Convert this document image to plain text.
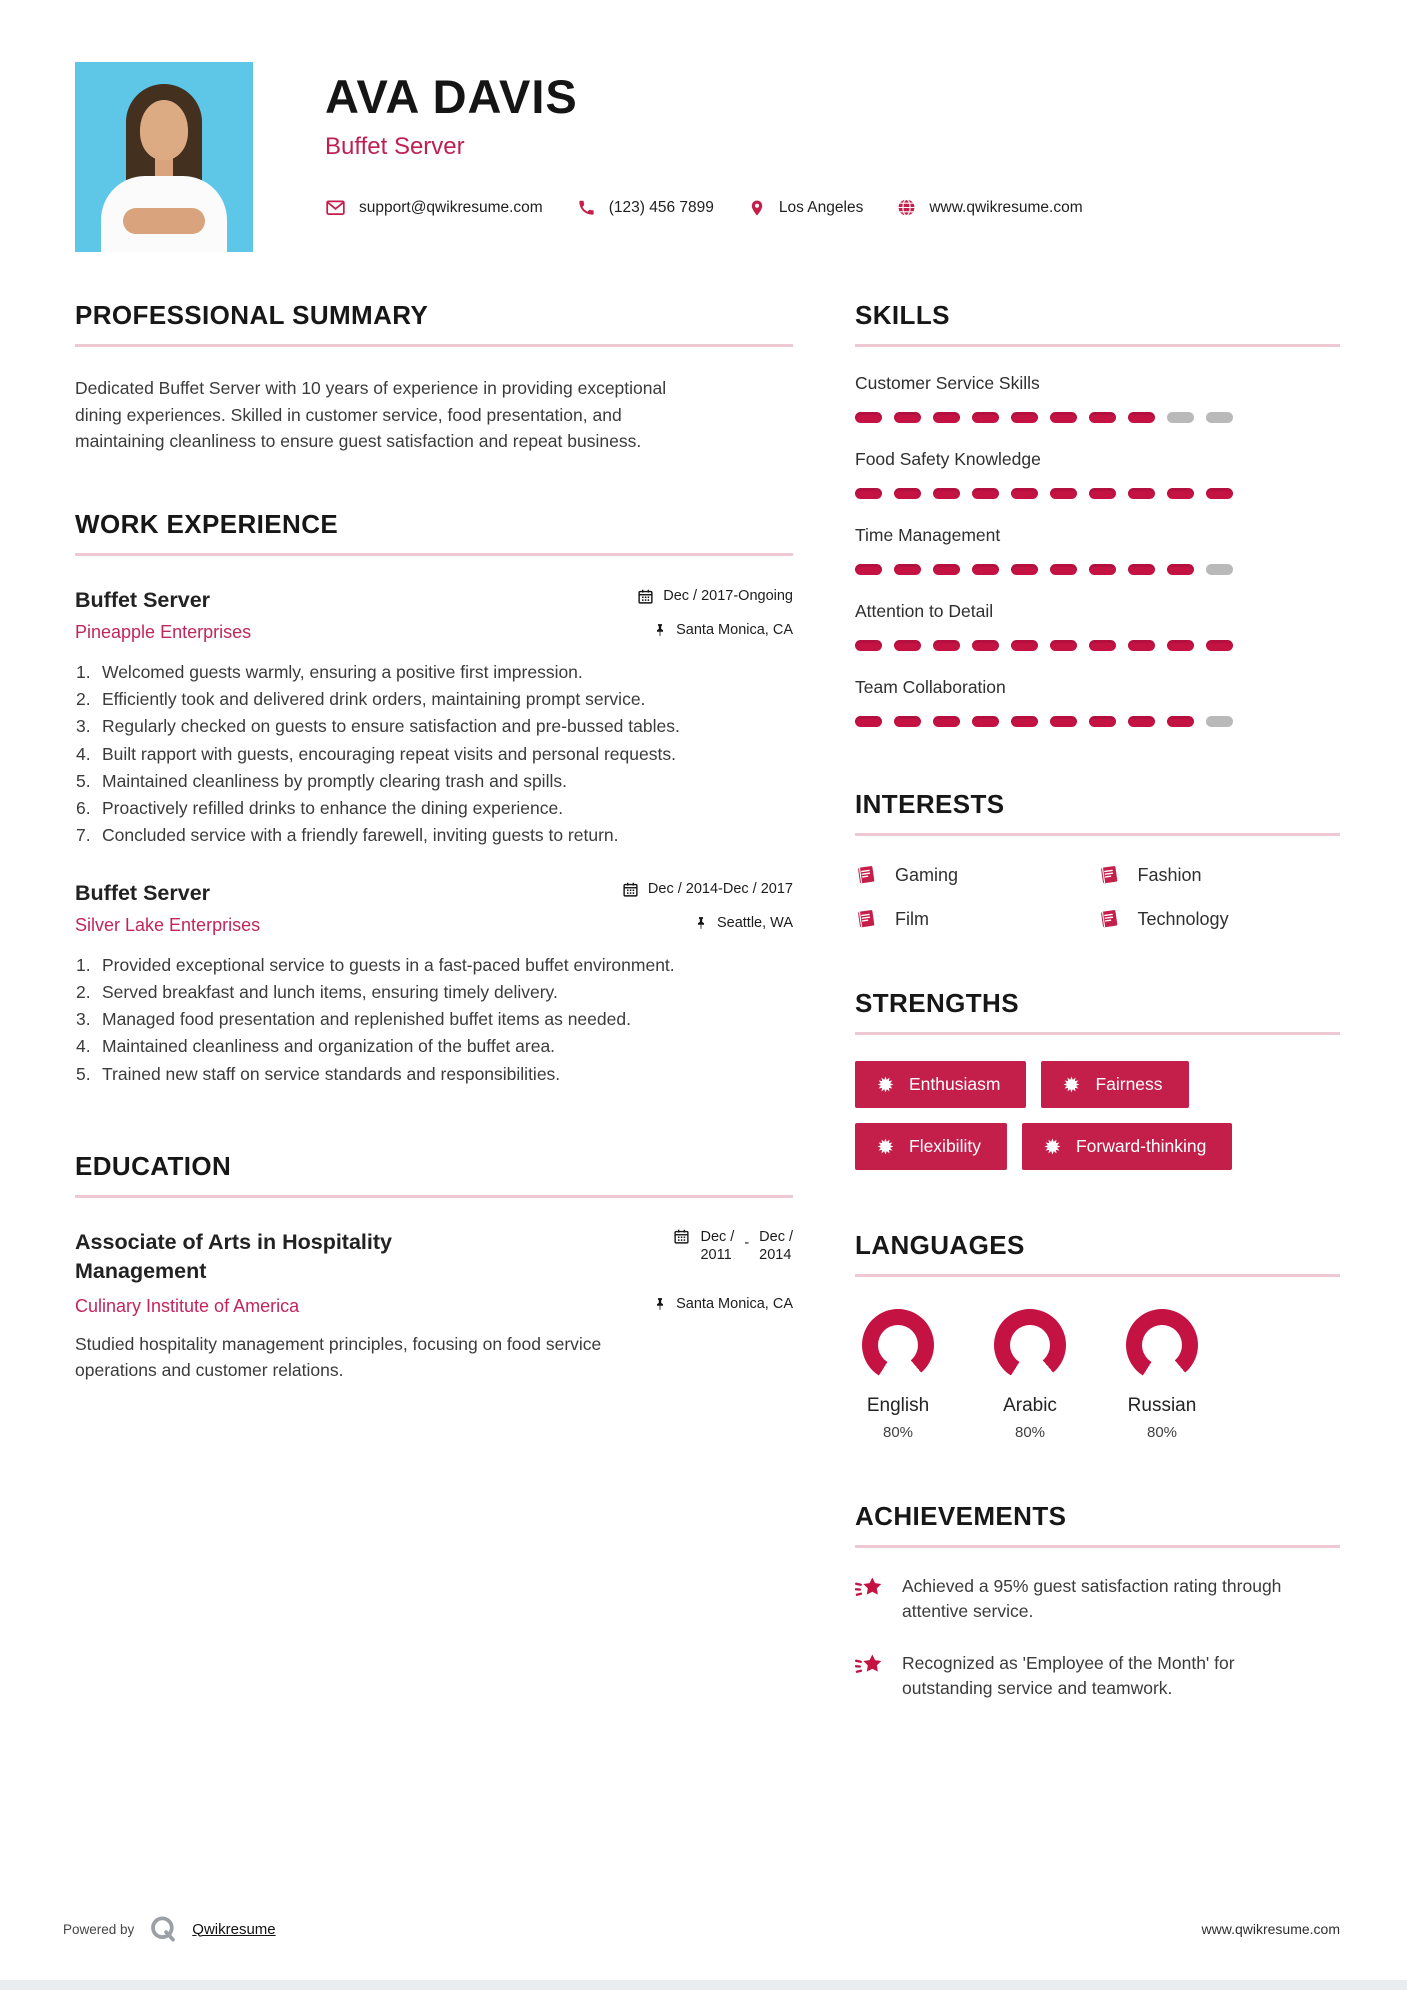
AVA DAVIS
Buffet Server
support@qwikresume.com	(123) 456 7899	Los Angeles	www.qwikresume.com
PROFESSIONAL SUMMARY
Dedicated Buffet Server with 10 years of experience in providing exceptional dining experiences. Skilled in customer service, food presentation, and maintaining cleanliness to ensure guest satisfaction and repeat business.
WORK EXPERIENCE
Buffet Server	Dec / 2017-Ongoing
Pineapple Enterprises	Santa Monica, CA
Welcomed guests warmly, ensuring a positive first impression.
Efficiently took and delivered drink orders, maintaining prompt service.
Regularly checked on guests to ensure satisfaction and pre-bussed tables.
Built rapport with guests, encouraging repeat visits and personal requests.
Maintained cleanliness by promptly clearing trash and spills.
Proactively refilled drinks to enhance the dining experience.
Concluded service with a friendly farewell, inviting guests to return.
Buffet Server	Dec / 2014-Dec / 2017
Silver Lake Enterprises	Seattle, WA
Provided exceptional service to guests in a fast-paced buffet environment.
Served breakfast and lunch items, ensuring timely delivery.
Managed food presentation and replenished buffet items as needed.
Maintained cleanliness and organization of the buffet area.
Trained new staff on service standards and responsibilities.
EDUCATION
Associate of Arts in Hospitality Management
Dec /
2011
- Dec /
2014
Culinary Institute of America	Santa Monica, CA
Studied hospitality management principles, focusing on food service operations and customer relations.
SKILLS
Customer Service Skills
Food Safety Knowledge
Time Management
Attention to Detail
Team Collaboration
INTERESTS
Gaming	Fashion
Film	Technology
STRENGTHS
Enthusiasm	Fairness
Flexibility	Forward-thinking
LANGUAGES
English
80%
Arabic
80%
Russian
80%
ACHIEVEMENTS
Achieved a 95% guest satisfaction rating through attentive service.
Recognized as 'Employee of the Month' for outstanding service and teamwork.
Powered by	Qwikresume	www.qwikresume.com
